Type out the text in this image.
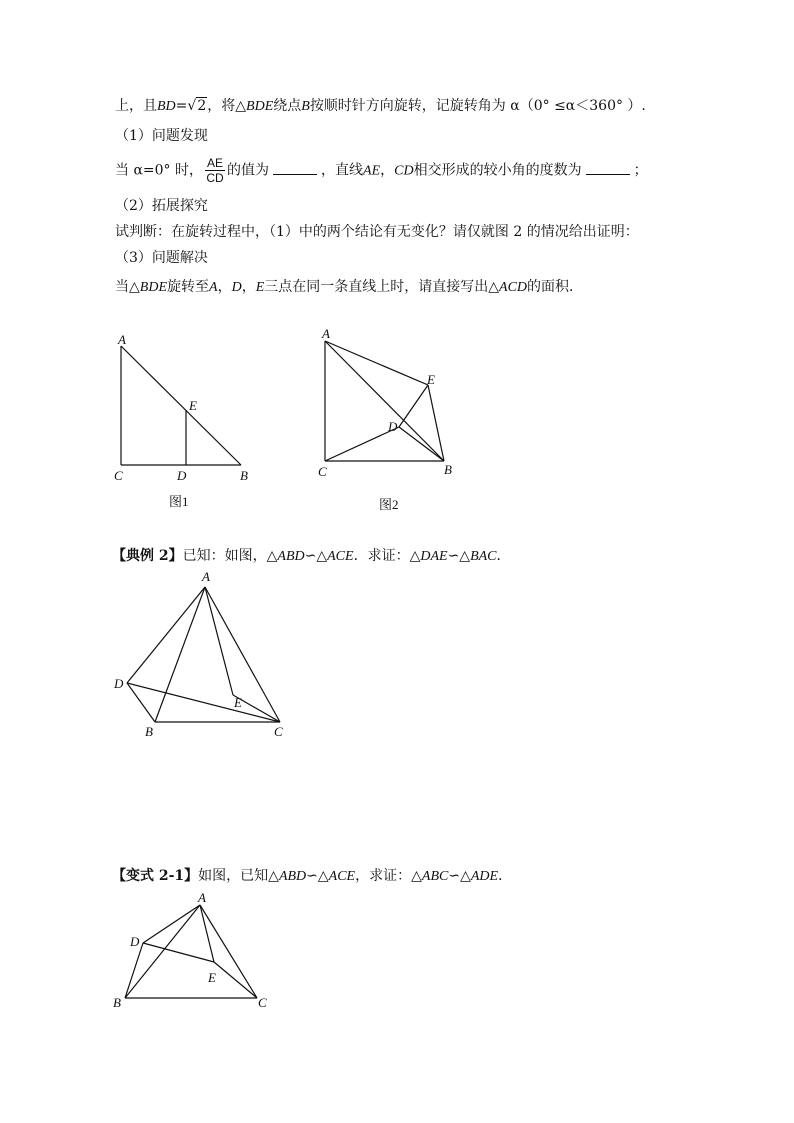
上，且BD=√2，将△BDE绕点B按顺时针方向旋转，记旋转角为 α（0° ≤α＜360° ）.
（1）问题发现
当 α=0° 时， $\frac{AE}{CD}$ 的值为	，直线AE，CD相交形成的较小角的度数为	；
（2）拓展探究
试判断：在旋转过程中，（1）中的两个结论有无变化？请仅就图 2 的情况给出证明：
（3）问题解决
当△BDE旋转至A，D，E三点在同一条直线上时，请直接写出△ACD的面积．
A
C	D	B
E
图1
A
E
D
C	B
图2
【典例 2】已知：如图，△ABD∽△ACE．求证：△DAE∽△BAC．
A
D
E
B	C
【变式 2-1】如图，已知△ABD∽△ACE，求证：△ABC∽△ADE．
A
D
E
B	C
